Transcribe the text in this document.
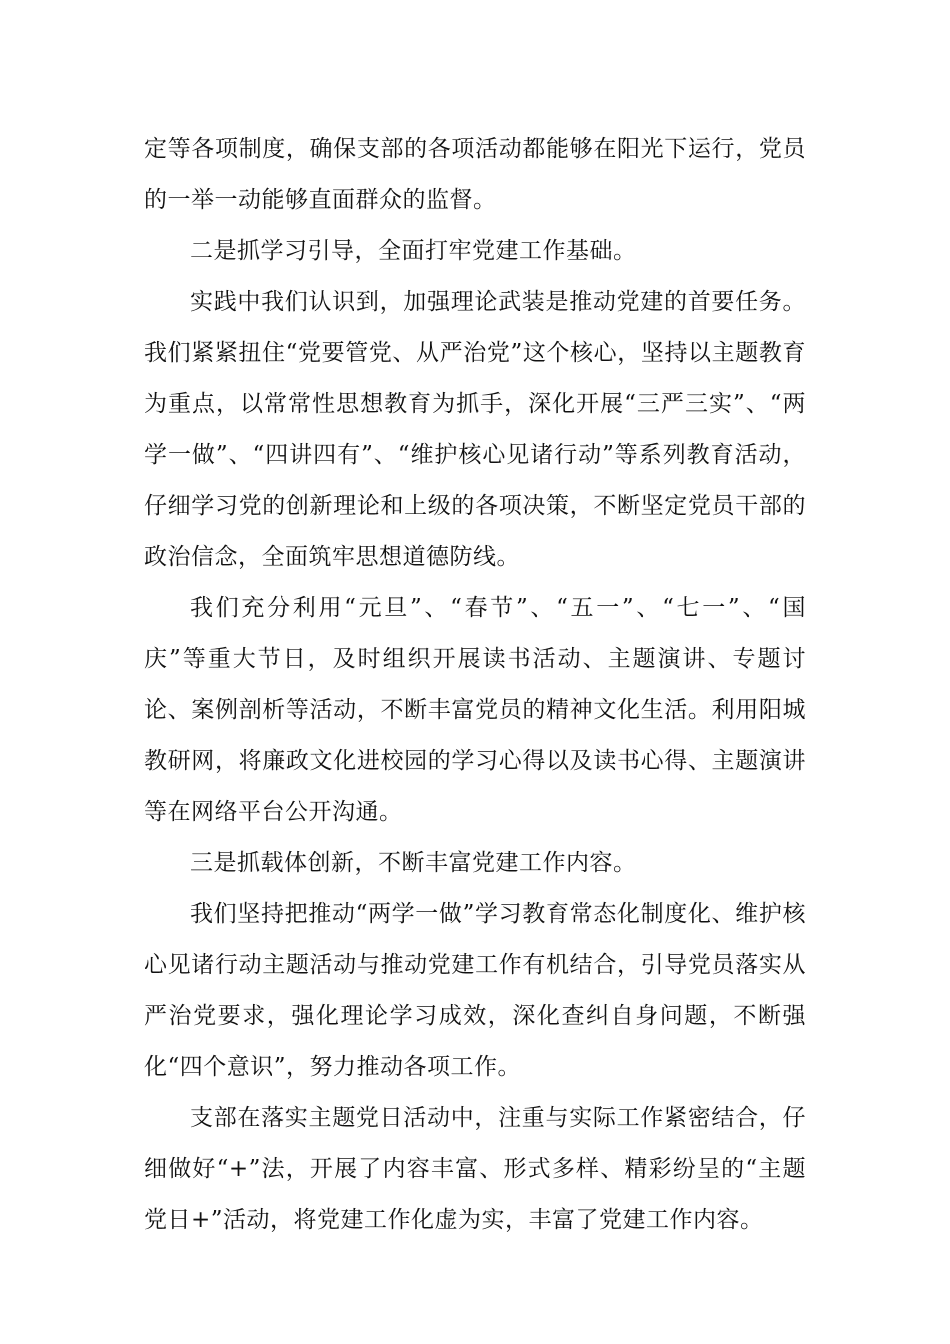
定等各项制度，确保支部的各项活动都能够在阳光下运行，党员的一举一动能够直面群众的监督。

二是抓学习引导，全面打牢党建工作基础。

实践中我们认识到，加强理论武装是推动党建的首要任务。我们紧紧扭住“党要管党、从严治党”这个核心，坚持以主题教育为重点，以常常性思想教育为抓手，深化开展“三严三实”、“两学一做”、“四讲四有”、“维护核心见诸行动”等系列教育活动，仔细学习党的创新理论和上级的各项决策，不断坚定党员干部的政治信念，全面筑牢思想道德防线。

我们充分利用“元旦”、“春节”、“五一”、“七一”、“国庆”等重大节日，及时组织开展读书活动、主题演讲、专题讨论、案例剖析等活动，不断丰富党员的精神文化生活。利用阳城教研网，将廉政文化进校园的学习心得以及读书心得、主题演讲等在网络平台公开沟通。

三是抓载体创新，不断丰富党建工作内容。

我们坚持把推动“两学一做”学习教育常态化制度化、维护核心见诸行动主题活动与推动党建工作有机结合，引导党员落实从严治党要求，强化理论学习成效，深化查纠自身问题，不断强化“四个意识”，努力推动各项工作。

支部在落实主题党日活动中，注重与实际工作紧密结合，仔细做好“+”法，开展了内容丰富、形式多样、精彩纷呈的“主题党日+”活动，将党建工作化虚为实，丰富了党建工作内容。
